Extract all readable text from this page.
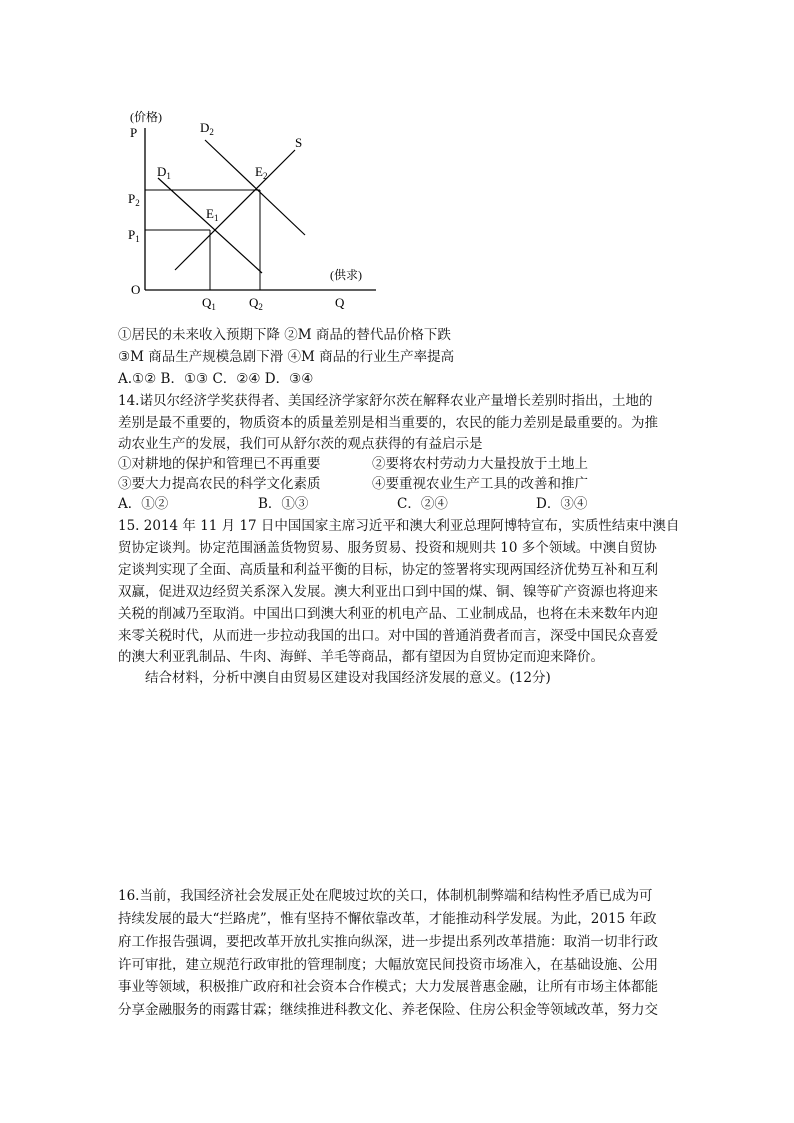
(价格)
P
O
(供求)
Q
$P_2$
$P_1$
$Q_1$	$Q_2$
$D_1$
$D_2$
$E_1$
$E_2$
S
①居民的未来收入预期下降 ②M 商品的替代品价格下跌
③M 商品生产规模急剧下滑 ④M 商品的行业生产率提高
A.①② B．①③ C．②④ D．③④
14.诺贝尔经济学奖获得者、美国经济学家舒尔茨在解释农业产量增长差别时指出，土地的
差别是最不重要的，物质资本的质量差别是相当重要的，农民的能力差别是最重要的。为推
动农业生产的发展，我们可从舒尔茨的观点获得的有益启示是
①对耕地的保护和管理已不再重要	②要将农村劳动力大量投放于土地上
③要大力提高农民的科学文化素质	④要重视农业生产工具的改善和推广
A．①②	B．①③	C．②④	D．③④
15. 2014 年 11 月 17 日中国国家主席习近平和澳大利亚总理阿博特宣布，实质性结束中澳自
贸协定谈判。协定范围涵盖货物贸易、服务贸易、投资和规则共 10 多个领域。中澳自贸协
定谈判实现了全面、高质量和利益平衡的目标，协定的签署将实现两国经济优势互补和互利
双赢，促进双边经贸关系深入发展。澳大利亚出口到中国的煤、铜、镍等矿产资源也将迎来
关税的削减乃至取消。中国出口到澳大利亚的机电产品、工业制成品，也将在未来数年内迎
来零关税时代，从而进一步拉动我国的出口。对中国的普通消费者而言，深受中国民众喜爱
的澳大利亚乳制品、牛肉、海鲜、羊毛等商品，都有望因为自贸协定而迎来降价。
结合材料，分析中澳自由贸易区建设对我国经济发展的意义。(12分)
16.当前，我国经济社会发展正处在爬坡过坎的关口，体制机制弊端和结构性矛盾已成为可
持续发展的最大“拦路虎”，惟有坚持不懈依靠改革，才能推动科学发展。为此，2015 年政
府工作报告强调，要把改革开放扎实推向纵深，进一步提出系列改革措施：取消一切非行政
许可审批，建立规范行政审批的管理制度；大幅放宽民间投资市场准入，在基础设施、公用
事业等领域，积极推广政府和社会资本合作模式；大力发展普惠金融，让所有市场主体都能
分享金融服务的雨露甘霖；继续推进科教文化、养老保险、住房公积金等领域改革，努力交
